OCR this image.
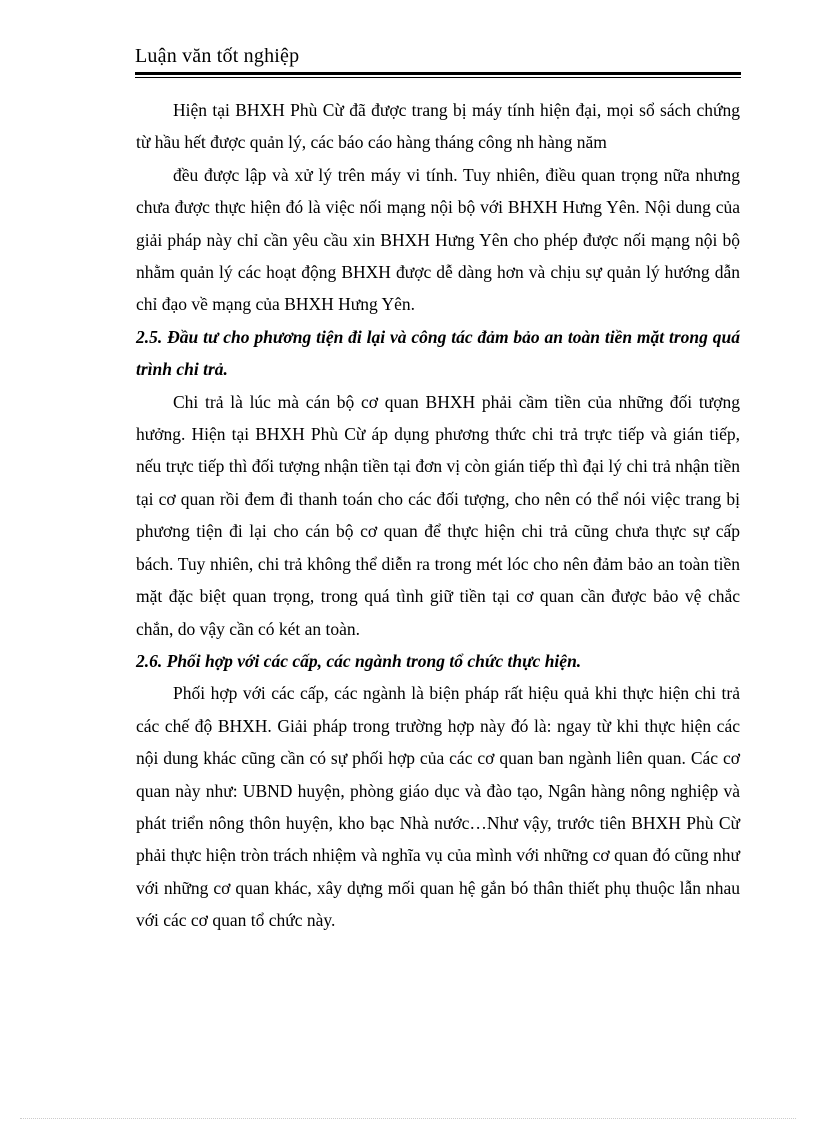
Luận văn tốt nghiệp

Hiện tại BHXH Phù Cừ đã được trang bị máy tính hiện đại, mọi sổ sách chứng từ hầu hết được quản lý, các báo cáo hàng tháng công nh hàng năm

đều được lập và xử lý trên máy vi tính. Tuy nhiên, điều quan trọng nữa nhưng chưa được thực hiện đó là việc nối mạng nội bộ với BHXH Hưng Yên. Nội dung của giải pháp này chỉ cần yêu cầu xin BHXH Hưng Yên cho phép được nối mạng nội bộ nhằm quản lý các hoạt động BHXH được dễ dàng hơn và chịu sự quản lý hướng dẫn chỉ đạo về mạng của BHXH Hưng Yên.

2.5. Đầu tư cho phương tiện đi lại và công tác đảm bảo an toàn tiền mặt trong quá trình chi trả.

Chi trả là lúc mà cán bộ cơ quan BHXH phải cầm tiền của những đối tượng hưởng. Hiện tại BHXH Phù Cừ áp dụng phương thức chi trả trực tiếp và gián tiếp, nếu trực tiếp thì đối tượng nhận tiền tại đơn vị còn gián tiếp thì đại lý chi trả nhận tiền tại cơ quan rồi đem đi thanh toán cho các đối tượng, cho nên có thể nói việc trang bị phương tiện đi lại cho cán bộ cơ quan để thực hiện chi trả cũng chưa thực sự cấp bách. Tuy nhiên, chi trả không thể diễn ra trong mét lóc cho nên đảm bảo an toàn tiền mặt đặc biệt quan trọng, trong quá tình giữ tiền tại cơ quan cần được bảo vệ chắc chắn, do vậy cần có két an toàn.

2.6. Phối hợp với các cấp, các ngành trong tổ chức thực hiện.

Phối hợp với các cấp, các ngành là biện pháp rất hiệu quả khi thực hiện chi trả các chế độ BHXH. Giải pháp trong trường hợp này đó là: ngay từ khi thực hiện các nội dung khác cũng cần có sự phối hợp của các cơ quan ban ngành liên quan. Các cơ quan này như: UBND huyện, phòng giáo dục và đào tạo, Ngân hàng nông nghiệp và phát triển nông thôn huyện, kho bạc Nhà nước…Như vậy, trước tiên BHXH Phù Cừ phải thực hiện tròn trách nhiệm và nghĩa vụ của mình với những cơ quan đó cũng như với những cơ quan khác, xây dựng mối quan hệ gắn bó thân thiết phụ thuộc lẫn nhau với các cơ quan tổ chức này.
